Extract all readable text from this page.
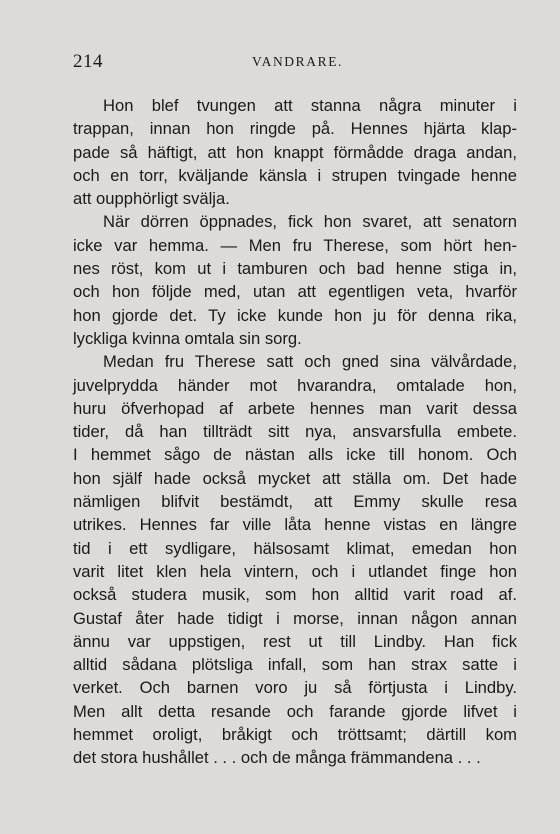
214	VANDRARE.

Hon blef tvungen att stanna några minuter i
trappan, innan hon ringde på. Hennes hjärta klap-
pade så häftigt, att hon knappt förmådde draga andan,
och en torr, kväljande känsla i strupen tvingade henne
att oupphörligt svälja.

När dörren öppnades, fick hon svaret, att senatorn
icke var hemma. — Men fru Therese, som hört hen-
nes röst, kom ut i tamburen och bad henne stiga in,
och hon följde med, utan att egentligen veta, hvarför
hon gjorde det. Ty icke kunde hon ju för denna rika,
lyckliga kvinna omtala sin sorg.

Medan fru Therese satt och gned sina välvårdade,
juvelprydda händer mot hvarandra, omtalade hon,
huru öfverhopad af arbete hennes man varit dessa
tider, då han tillträdt sitt nya, ansvarsfulla embete.
I hemmet sågo de nästan alls icke till honom. Och
hon själf hade också mycket att ställa om. Det hade
nämligen blifvit bestämdt, att Emmy skulle resa
utrikes. Hennes far ville låta henne vistas en längre
tid i ett sydligare, hälsosamt klimat, emedan hon
varit litet klen hela vintern, och i utlandet finge hon
också studera musik, som hon alltid varit road af.
Gustaf åter hade tidigt i morse, innan någon annan
ännu var uppstigen, rest ut till Lindby. Han fick
alltid sådana plötsliga infall, som han strax satte i
verket. Och barnen voro ju så förtjusta i Lindby.
Men allt detta resande och farande gjorde lifvet i
hemmet oroligt, bråkigt och tröttsamt; därtill kom
det stora hushållet . . . och de många främmandena . . .
